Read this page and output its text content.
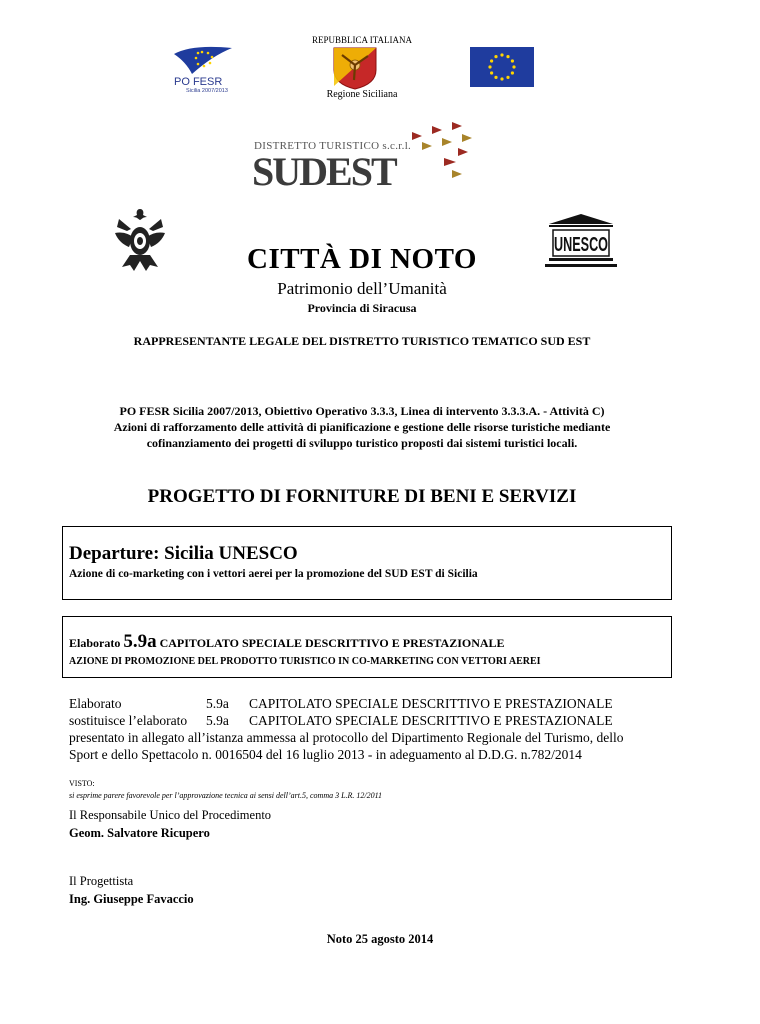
REPUBBLICA ITALIANA
PO FESR
Sicilia 2007/2013	Regione Siciliana
DISTRETTO TURISTICO s.c.r.l.
SUDEST
UNESCO
CITTÀ DI NOTO
Patrimonio dell’Umanità
Provincia di Siracusa
RAPPRESENTANTE LEGALE DEL DISTRETTO TURISTICO TEMATICO SUD EST
PO FESR Sicilia 2007/2013, Obiettivo Operativo 3.3.3, Linea di intervento 3.3.3.A. - Attività C)
Azioni di rafforzamento delle attività di pianificazione e gestione delle risorse turistiche mediante
cofinanziamento dei progetti di sviluppo turistico proposti dai sistemi turistici locali.
PROGETTO DI FORNITURE DI BENI E SERVIZI
Departure: Sicilia UNESCO
Azione di co-marketing con i vettori aerei per la promozione del SUD EST di Sicilia
Elaborato 5.9a CAPITOLATO SPECIALE DESCRITTIVO E PRESTAZIONALE
AZIONE DI PROMOZIONE DEL PRODOTTO TURISTICO IN CO-MARKETING CON VETTORI AEREI
Elaborato	5.9a CAPITOLATO SPECIALE DESCRITTIVO E PRESTAZIONALE
sostituisce l’elaborato 5.9a CAPITOLATO SPECIALE DESCRITTIVO E PRESTAZIONALE
presentato in allegato all’istanza ammessa al protocollo del Dipartimento Regionale del Turismo, dello
Sport e dello Spettacolo n. 0016504 del 16 luglio 2013 - in adeguamento al D.D.G. n.782/2014
VISTO:
si esprime parere favorevole per l’approvazione tecnica ai sensi dell’art.5, comma 3 L.R. 12/2011
Il Responsabile Unico del Procedimento
Geom. Salvatore Ricupero
Il Progettista
Ing. Giuseppe Favaccio
Noto 25 agosto 2014
